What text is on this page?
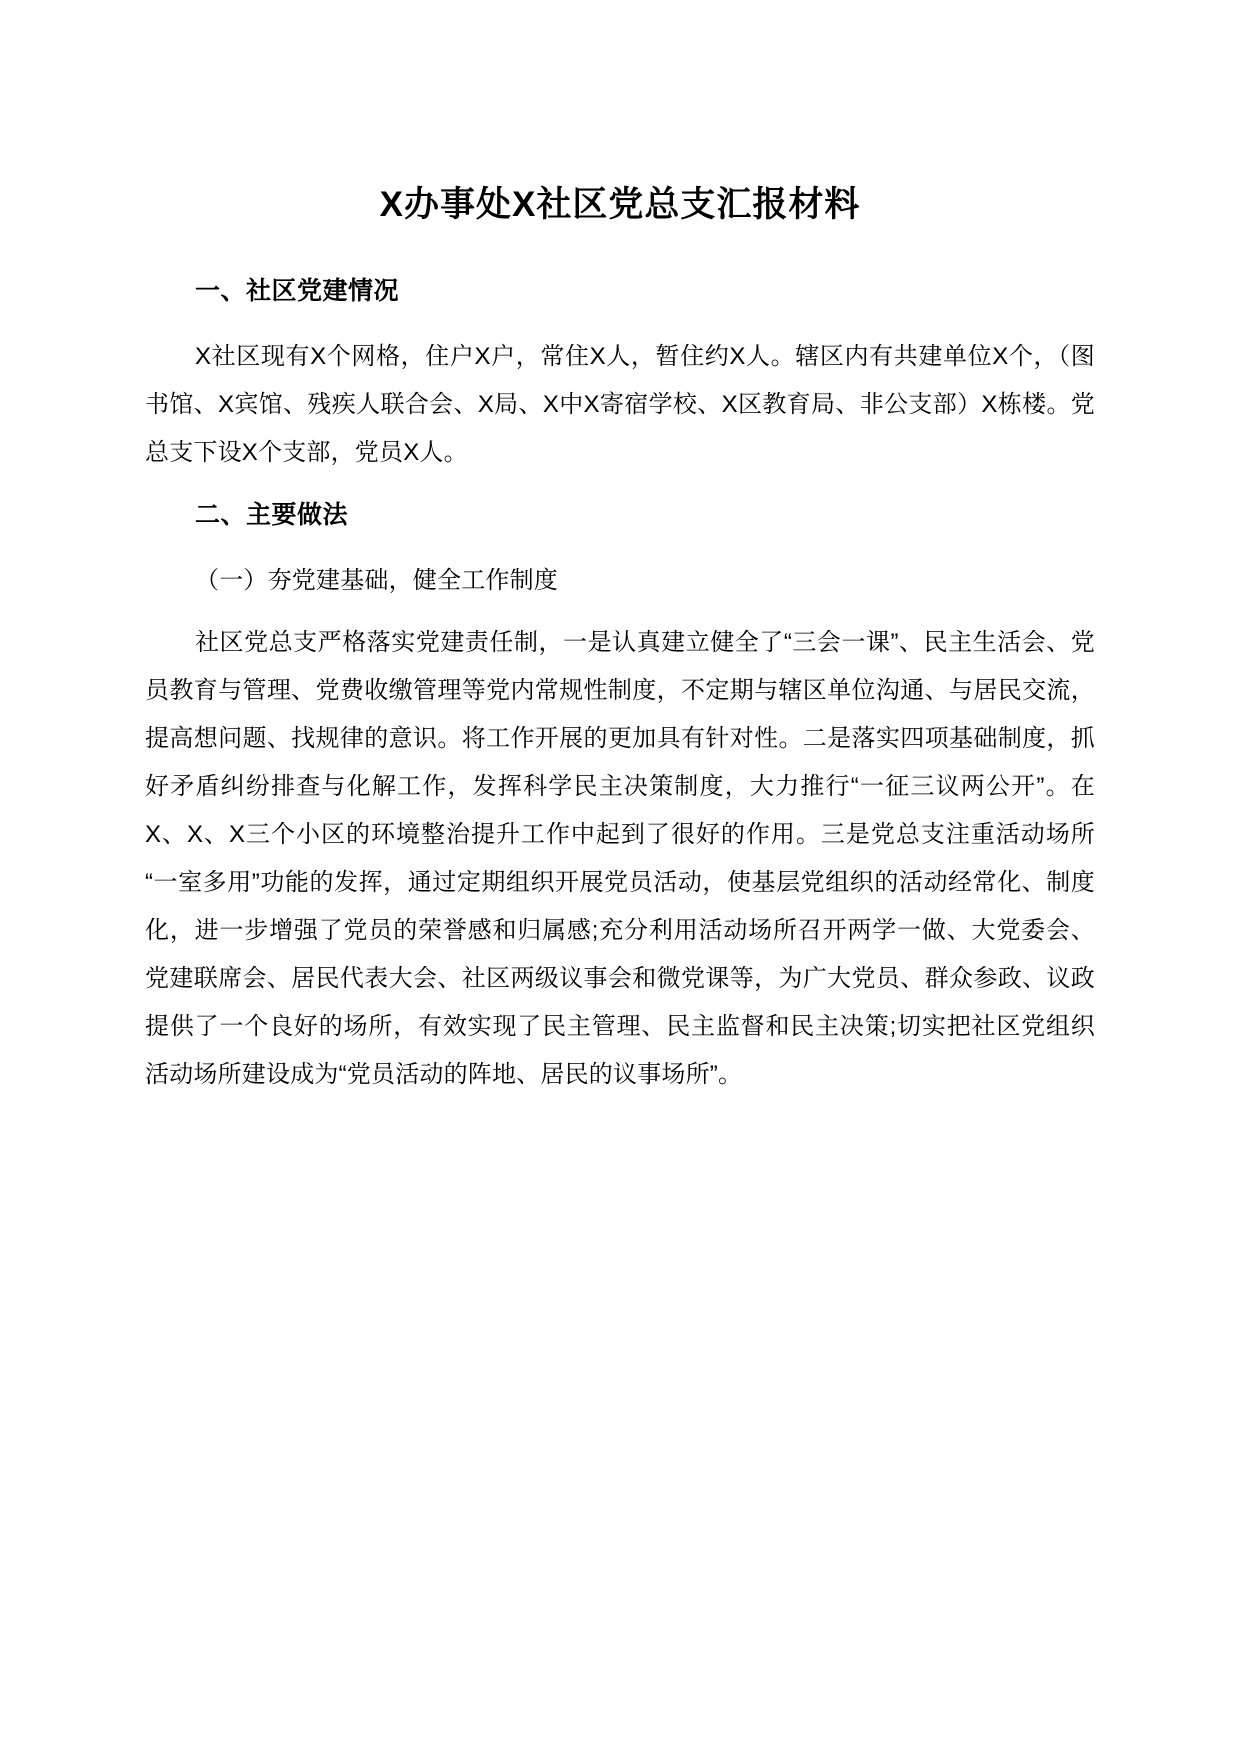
X办事处X社区党总支汇报材料
一、社区党建情况

X社区现有X个网格，住户X户，常住X人，暂住约X人。辖区内有共建单位X个，（图书馆、X宾馆、残疾人联合会、X局、X中X寄宿学校、X区教育局、非公支部）X栋楼。党总支下设X个支部，党员X人。

二、主要做法

（一）夯党建基础，健全工作制度

社区党总支严格落实党建责任制，一是认真建立健全了“三会一课”、民主生活会、党员教育与管理、党费收缴管理等党内常规性制度，不定期与辖区单位沟通、与居民交流，提高想问题、找规律的意识。将工作开展的更加具有针对性。二是落实四项基础制度，抓好矛盾纠纷排查与化解工作，发挥科学民主决策制度，大力推行“一征三议两公开”。在X、X、X三个小区的环境整治提升工作中起到了很好的作用。三是党总支注重活动场所“一室多用”功能的发挥，通过定期组织开展党员活动，使基层党组织的活动经常化、制度化，进一步增强了党员的荣誉感和归属感;充分利用活动场所召开两学一做、大党委会、党建联席会、居民代表大会、社区两级议事会和微党课等，为广大党员、群众参政、议政提供了一个良好的场所，有效实现了民主管理、民主监督和民主决策;切实把社区党组织活动场所建设成为“党员活动的阵地、居民的议事场所”。
